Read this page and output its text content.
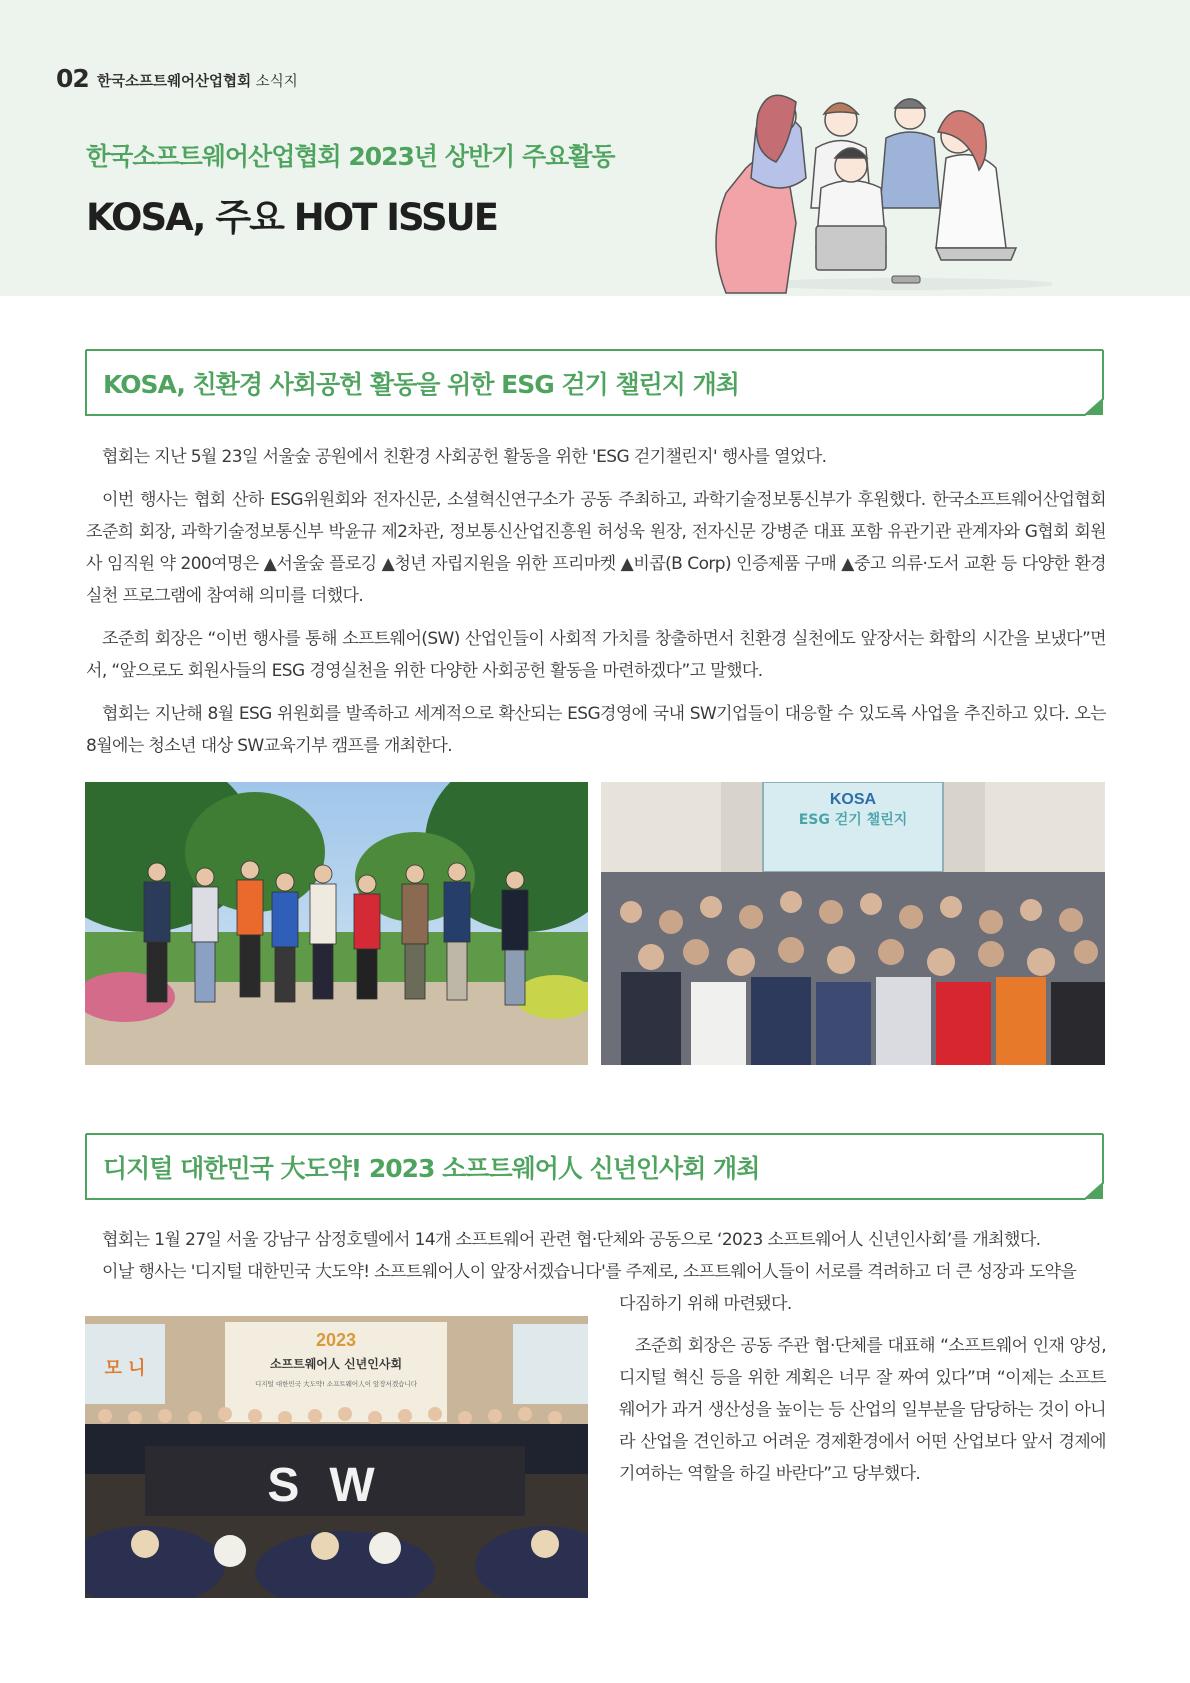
02 한국소프트웨어산업협회 소식지
한국소프트웨어산업협회 2023년 상반기 주요활동
KOSA, 주요 HOT ISSUE
KOSA, 친환경 사회공헌 활동을 위한 ESG 걷기 챌린지 개최

협회는 지난 5월 23일 서울숲 공원에서 친환경 사회공헌 활동을 위한 'ESG 걷기챌린지' 행사를 열었다.

이번 행사는 협회 산하 ESG위원회와 전자신문, 소셜혁신연구소가 공동 주최하고, 과학기술정보통신부가 후원했다. 한국소프트웨어산업협회 조준희 회장, 과학기술정보통신부 박윤규 제2차관, 정보통신산업진흥원 허성욱 원장, 전자신문 강병준 대표 포함 유관기관 관계자와 G협회 회원사 임직원 약 200여명은 ▲서울숲 플로깅 ▲청년 자립지원을 위한 프리마켓 ▲비콥(B Corp) 인증제품 구매 ▲중고 의류·도서 교환 등 다양한 환경실천 프로그램에 참여해 의미를 더했다.

조준희 회장은 “이번 행사를 통해 소프트웨어(SW) 산업인들이 사회적 가치를 창출하면서 친환경 실천에도 앞장서는 화합의 시간을 보냈다”면서, “앞으로도 회원사들의 ESG 경영실천을 위한 다양한 사회공헌 활동을 마련하겠다”고 말했다.

협회는 지난해 8월 ESG 위원회를 발족하고 세계적으로 확산되는 ESG경영에 국내 SW기업들이 대응할 수 있도록 사업을 추진하고 있다. 오는 8월에는 청소년 대상 SW교육기부 캠프를 개최한다.

KOSA
ESG 걷기 챌린지
디지털 대한민국 大도약! 2023 소프트웨어人 신년인사회 개최

협회는 1월 27일 서울 강남구 삼정호텔에서 14개 소프트웨어 관련 협·단체와 공동으로 ‘2023 소프트웨어人 신년인사회’를 개최했다.

이날 행사는 '디지털 대한민국 大도약! 소프트웨어人이 앞장서겠습니다'를 주제로, 소프트웨어人들이 서로를 격려하고 더 큰 성장과 도약을

다짐하기 위해 마련됐다.

조준희 회장은 공동 주관 협·단체를 대표해 “소프트웨어 인재 양성, 디지털 혁신 등을 위한 계획은 너무 잘 짜여 있다”며 “이제는 소프트웨어가 과거 생산성을 높이는 등 산업의 일부분을 담당하는 것이 아니라 산업을 견인하고 어려운 경제환경에서 어떤 산업보다 앞서 경제에 기여하는 역할을 하길 바란다”고 당부했다.

모 니
2023
소프트웨어人 신년인사회
디지털 대한민국 大도약! 소프트웨어人이 앞장서겠습니다
SW
